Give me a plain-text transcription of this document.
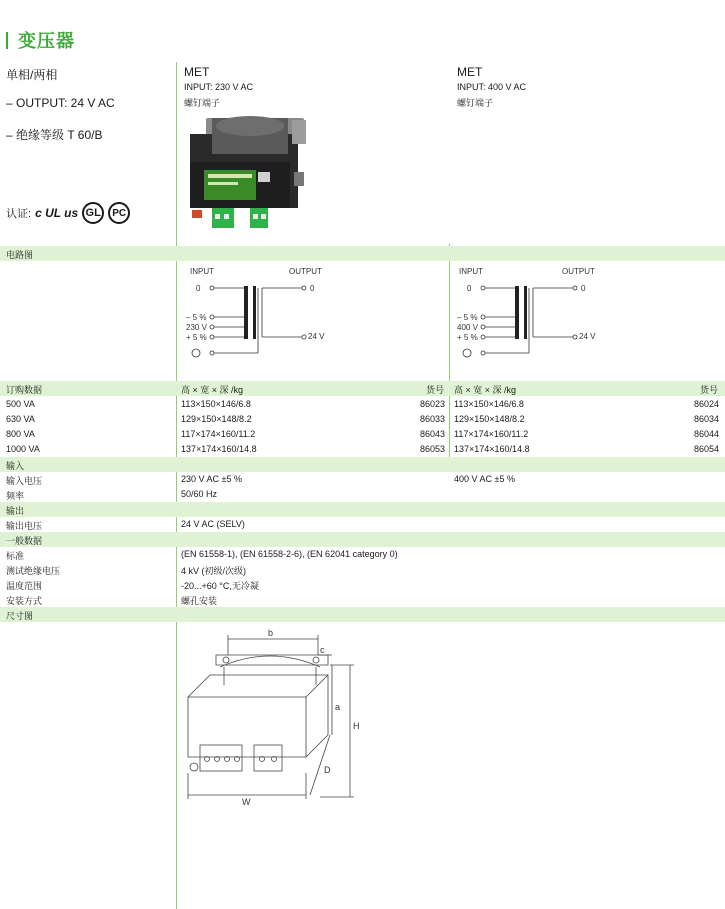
变压器
单相/两相
– OUTPUT: 24 V AC
– 绝缘等级 T 60/B
认证: c UL us GL	PC
MET
INPUT: 230 V AC
螺钉端子
MET
INPUT: 400 V AC
螺钉端子
电路图
INPUT	OUTPUT
0
– 5 %
230 V
+ 5 %
0
24 V
INPUT	OUTPUT
0
– 5 %
400 V
+ 5 %
0
24 V
订购数据	高 × 宽 × 深 /kg	货号 高 × 宽 × 深 /kg	货号
500 VA	113×150×146/6.8	86023 113×150×146/6.8	86024
630 VA	129×150×148/8.2	86033 129×150×148/8.2	86034
800 VA	117×174×160/11.2	86043 117×174×160/11.2	86044
1000 VA	137×174×160/14.8	86053 137×174×160/14.8	86054
输入
输入电压	230 V AC ±5 %	400 V AC ±5 %
频率	50/60 Hz
输出
输出电压	24 V AC (SELV)
一般数据
标准	(EN 61558-1), (EN 61558-2-6), (EN 62041 category 0)
测试绝缘电压	4 kV (初级/次级)
温度范围	-20...+60 °C,无冷凝
安装方式	螺孔安装
尺寸图
b
c
a
H
D
W
